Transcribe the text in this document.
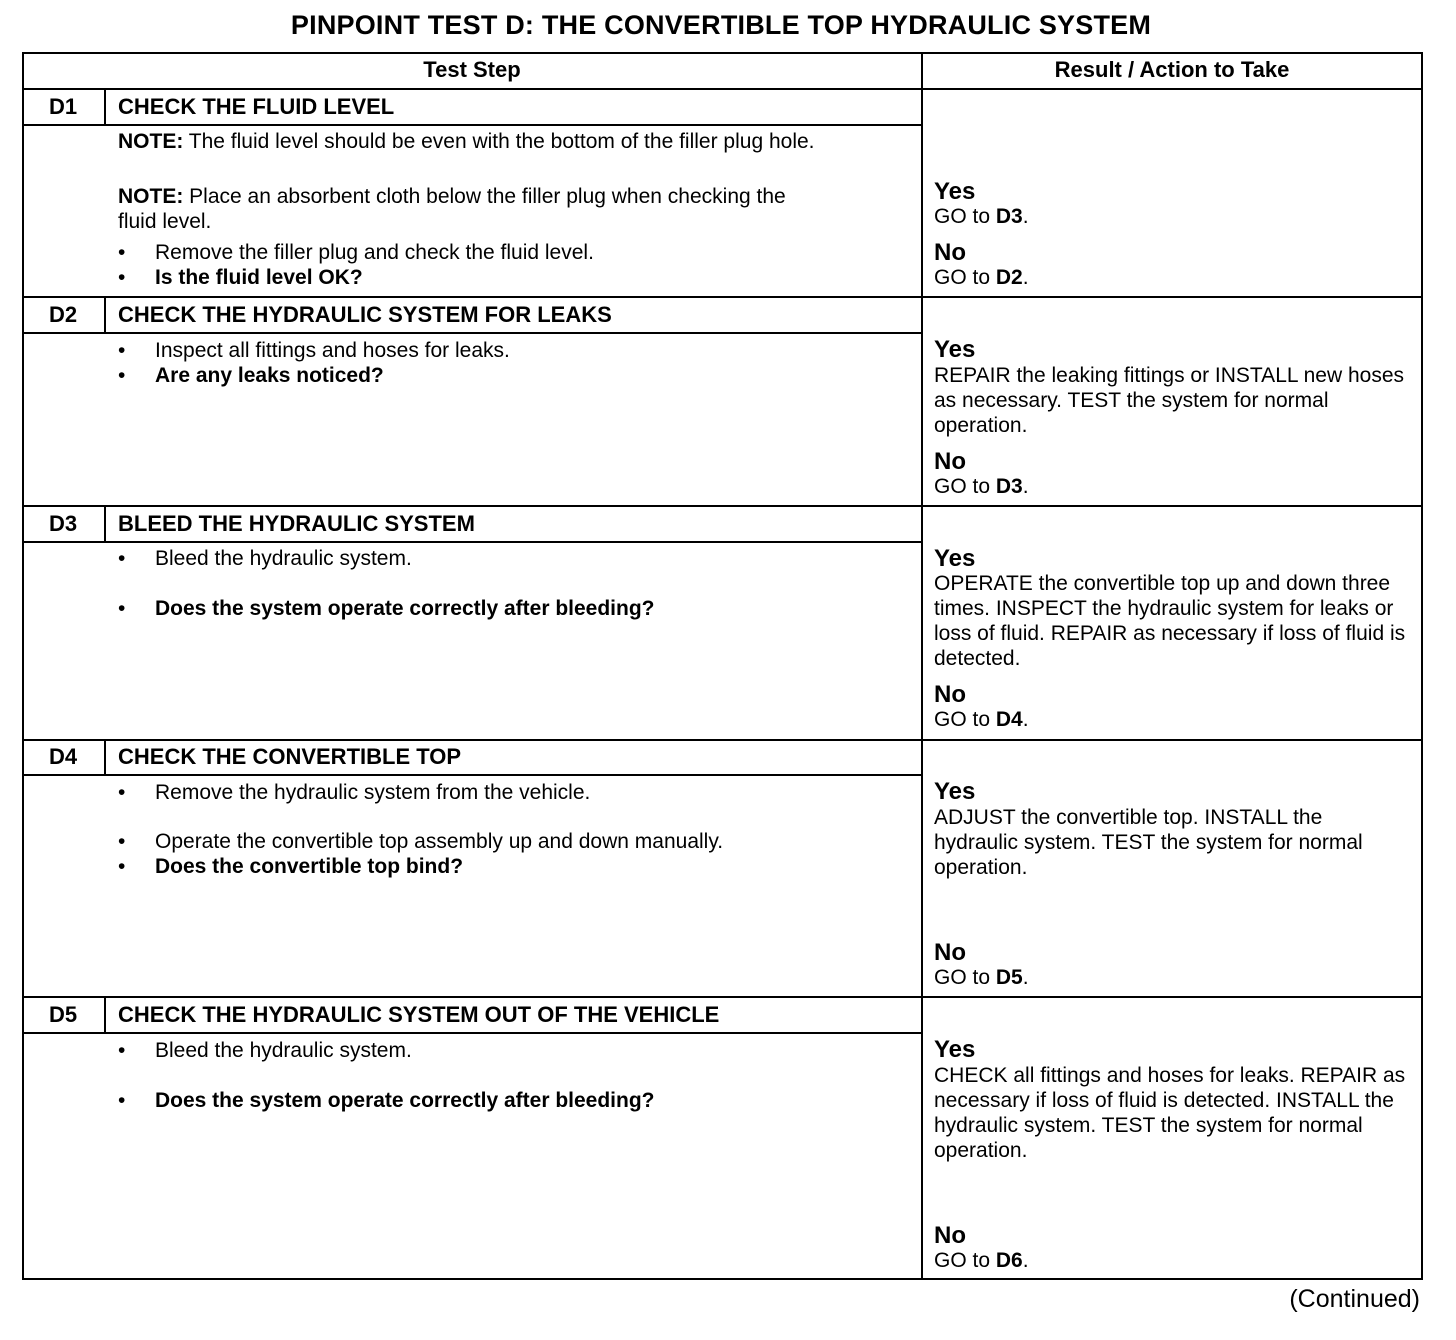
PINPOINT TEST D: THE CONVERTIBLE TOP HYDRAULIC SYSTEM
Test Step	Result / Action to Take
D1	CHECK THE FLUID LEVEL
NOTE: The fluid level should be even with the bottom of the filler plug hole.
NOTE: Place an absorbent cloth below the filler plug when checking the fluid level.
• Remove the filler plug and check the fluid level.
• Is the fluid level OK?
Yes
GO to D3.
No
GO to D2.
D2	CHECK THE HYDRAULIC SYSTEM FOR LEAKS
• Inspect all fittings and hoses for leaks.
• Are any leaks noticed?
Yes
REPAIR the leaking fittings or INSTALL new hoses as necessary. TEST the system for normal operation.
No
GO to D3.
D3	BLEED THE HYDRAULIC SYSTEM
• Bleed the hydraulic system.
• Does the system operate correctly after bleeding?
Yes
OPERATE the convertible top up and down three times. INSPECT the hydraulic system for leaks or loss of fluid. REPAIR as necessary if loss of fluid is detected.
No
GO to D4.
D4	CHECK THE CONVERTIBLE TOP
• Remove the hydraulic system from the vehicle.
• Operate the convertible top assembly up and down manually.
• Does the convertible top bind?
Yes
ADJUST the convertible top. INSTALL the hydraulic system. TEST the system for normal operation.
No
GO to D5.
D5	CHECK THE HYDRAULIC SYSTEM OUT OF THE VEHICLE
• Bleed the hydraulic system.
• Does the system operate correctly after bleeding?
Yes
CHECK all fittings and hoses for leaks. REPAIR as necessary if loss of fluid is detected. INSTALL the hydraulic system. TEST the system for normal operation.
No
GO to D6.
(Continued)
